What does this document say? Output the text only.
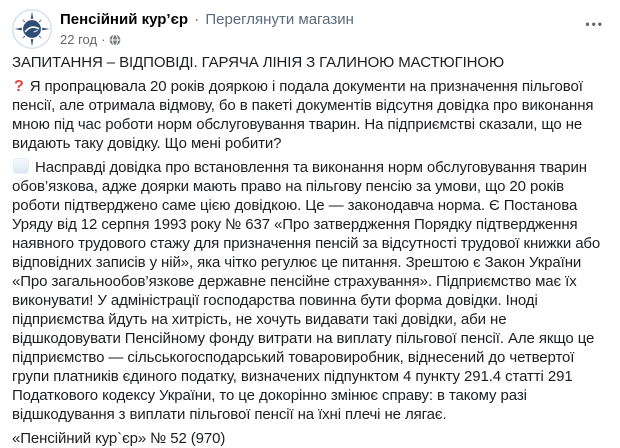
Пенсійний кур’єр · Переглянути магазин
22 год ·
•••

ЗАПИТАННЯ – ВІДПОВІДІ. ГАРЯЧА ЛІНІЯ З ГАЛИНОЮ МАСТЮГІНОЮ

? Я пропрацювала 20 років дояркою і подала документи на призначення пільгової пенсії, але отримала відмову, бо в пакеті документів відсутня довідка про виконання мною під час роботи норм обслуговування тварин. На підприємстві сказали, що не видають таку довідку. Що мені робити?

Насправді довідка про встановлення та виконання норм обслуговування тварин обов’язкова, адже доярки мають право на пільгову пенсію за умови, що 20 років роботи підтверджено саме цією довідкою. Це — законодавча норма. Є Постанова Уряду від 12 серпня 1993 року № 637 «Про затвердження Порядку підтвердження наявного трудового стажу для призначення пенсій за відсутності трудової книжки або відповідних записів у ній», яка чітко регулює це питання. Зрештою є Закон України «Про загальнообов’язкове державне пенсійне страхування». Підприємство має їх виконувати! У адміністрації господарства повинна бути форма довідки. Іноді підприємства йдуть на хитрість, не хочуть видавати такі довідки, аби не відшкодовувати Пенсійному фонду витрати на виплату пільгової пенсії. Але якщо це підприємство — сільськогосподарський товаровиробник, віднесений до четвертої групи платників єдиного податку, визначених підпунктом 4 пункту 291.4 статті 291 Податкового кодексу України, то це докорінно змінює справу: в такому разі відшкодування з виплати пільгової пенсії на їхні плечі не лягає.

«Пенсійний кур`єр» № 52 (970)
